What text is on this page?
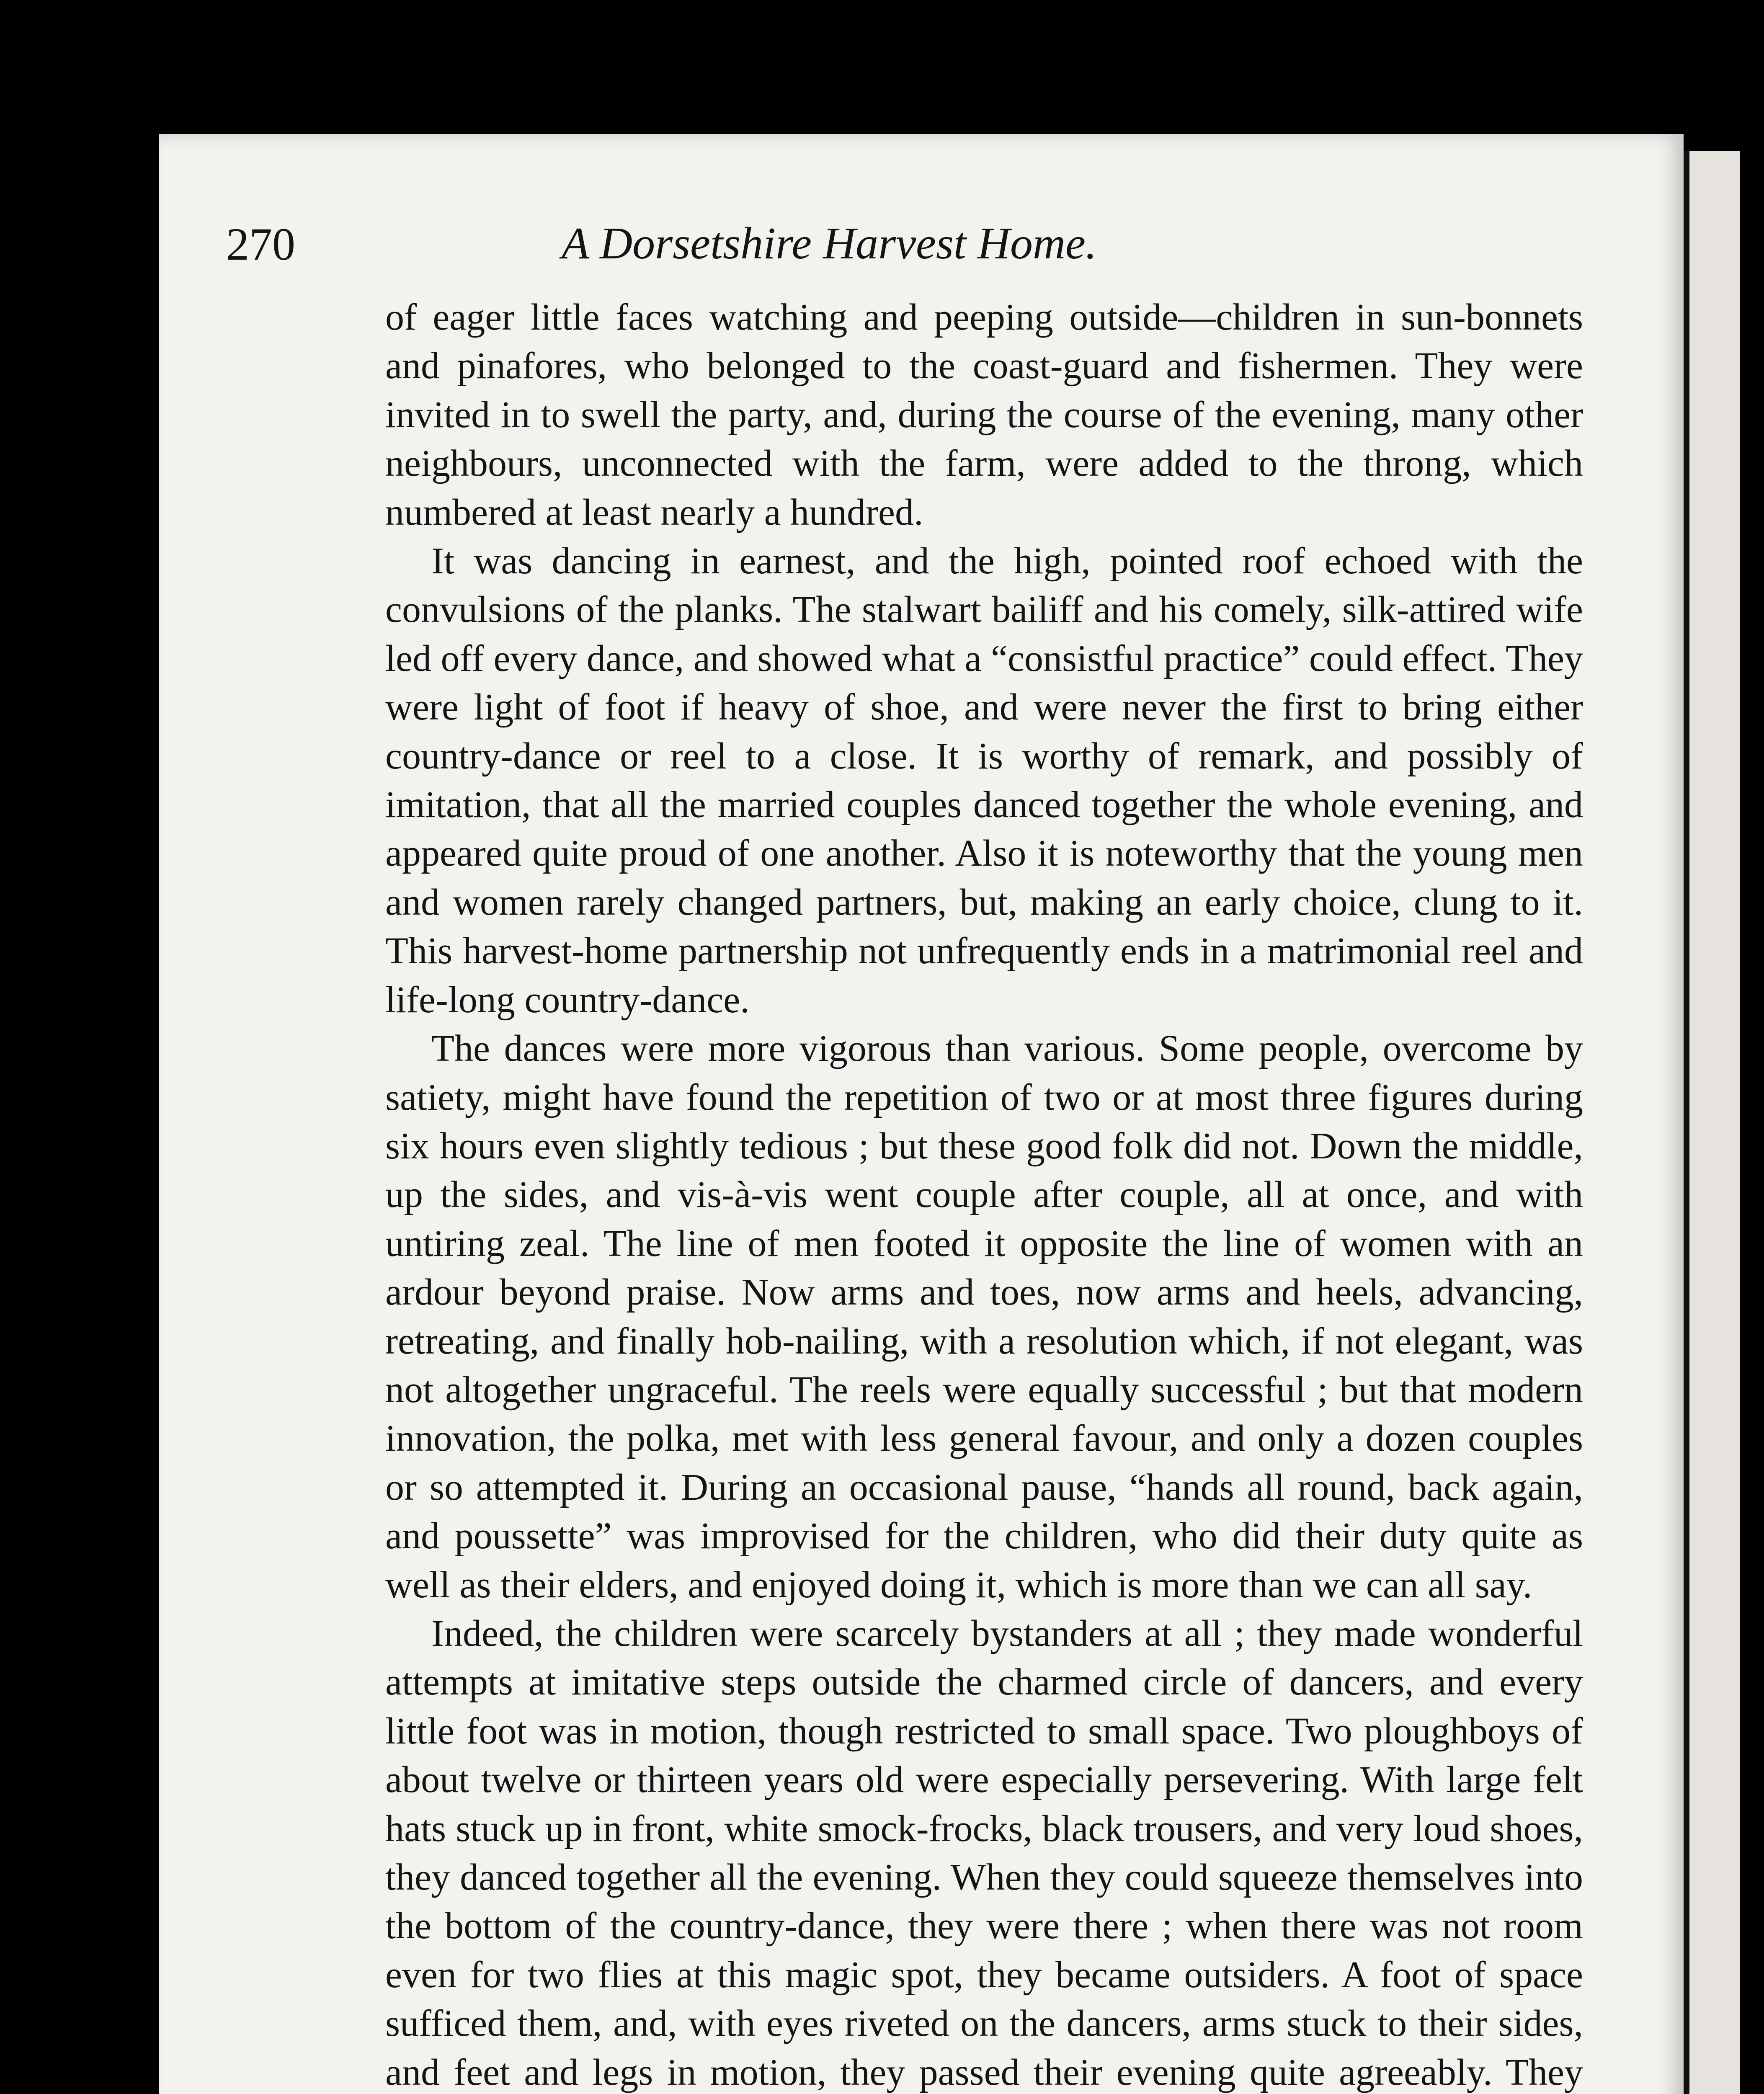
270	A Dorsetshire Harvest Home.

of eager little faces watching and peeping outside—children in sun-bonnets and pinafores, who belonged to the coast-guard and fishermen. They were invited in to swell the party, and, during the course of the evening, many other neighbours, unconnected with the farm, were added to the throng, which numbered at least nearly a hundred.

It was dancing in earnest, and the high, pointed roof echoed with the convulsions of the planks. The stalwart bailiff and his comely, silk-attired wife led off every dance, and showed what a “consistful practice” could effect. They were light of foot if heavy of shoe, and were never the first to bring either country-dance or reel to a close. It is worthy of remark, and possibly of imitation, that all the married couples danced together the whole evening, and appeared quite proud of one another. Also it is noteworthy that the young men and women rarely changed partners, but, making an early choice, clung to it. This harvest-home partnership not unfrequently ends in a matrimonial reel and life-long country-dance.

The dances were more vigorous than various. Some people, overcome by satiety, might have found the repetition of two or at most three figures during six hours even slightly tedious ; but these good folk did not. Down the middle, up the sides, and vis-à-vis went couple after couple, all at once, and with untiring zeal. The line of men footed it opposite the line of women with an ardour beyond praise. Now arms and toes, now arms and heels, advancing, retreating, and finally hob-nailing, with a resolution which, if not elegant, was not altogether ungraceful. The reels were equally successful ; but that modern innovation, the polka, met with less general favour, and only a dozen couples or so attempted it. During an occasional pause, “hands all round, back again, and poussette” was improvised for the children, who did their duty quite as well as their elders, and enjoyed doing it, which is more than we can all say.

Indeed, the children were scarcely bystanders at all ; they made wonderful attempts at imitative steps outside the charmed circle of dancers, and every little foot was in motion, though restricted to small space. Two ploughboys of about twelve or thirteen years old were especially persevering. With large felt hats stuck up in front, white smock-frocks, black trousers, and very loud shoes, they danced together all the evening. When they could squeeze themselves into the bottom of the country-dance, they were there ; when there was not room even for two flies at this magic spot, they became outsiders. A foot of space sufficed them, and, with eyes riveted on the dancers, arms stuck to their sides, and feet and legs in motion, they passed their evening quite agreeably. They
